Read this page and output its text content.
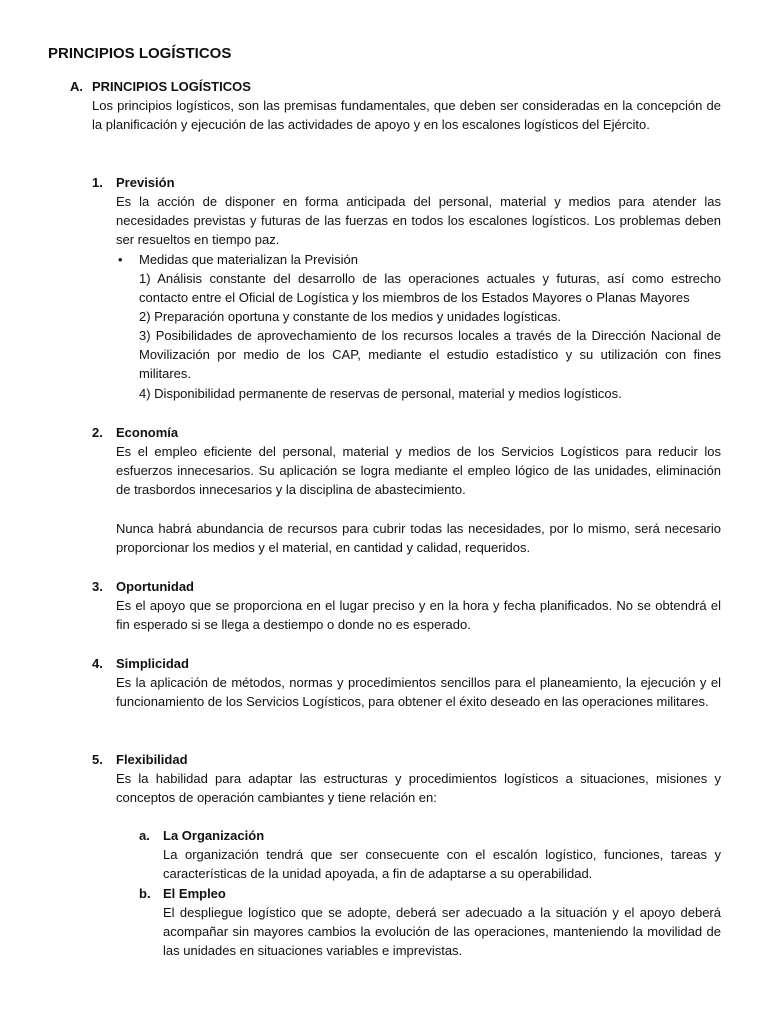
PRINCIPIOS LOGÍSTICOS
A. PRINCIPIOS LOGÍSTICOS
Los principios logísticos, son las premisas fundamentales, que deben ser consideradas en la concepción de la planificación y ejecución de las actividades de apoyo y en los escalones logísticos del Ejército.
1. Previsión
Es la acción de disponer en forma anticipada del personal, material y medios para atender las necesidades previstas y futuras de las fuerzas en todos los escalones logísticos. Los problemas deben ser resueltos en tiempo paz.
• Medidas que materializan la Previsión
1) Análisis constante del desarrollo de las operaciones actuales y futuras, así como estrecho contacto entre el Oficial de Logística y los miembros de los Estados Mayores o Planas Mayores
2) Preparación oportuna y constante de los medios y unidades logísticas.
3) Posibilidades de aprovechamiento de los recursos locales a través de la Dirección Nacional de Movilización por medio de los CAP, mediante el estudio estadístico y su utilización con fines militares.
4) Disponibilidad permanente de reservas de personal, material y medios logísticos.
2. Economía
Es el empleo eficiente del personal, material y medios de los Servicios Logísticos para reducir los esfuerzos innecesarios. Su aplicación se logra mediante el empleo lógico de las unidades, eliminación de trasbordos innecesarios y la disciplina de abastecimiento.
Nunca habrá abundancia de recursos para cubrir todas las necesidades, por lo mismo, será necesario proporcionar los medios y el material, en cantidad y calidad, requeridos.
3. Oportunidad
Es el apoyo que se proporciona en el lugar preciso y en la hora y fecha planificados. No se obtendrá el fin esperado si se llega a destiempo o donde no es esperado.
4. Simplicidad
Es la aplicación de métodos, normas y procedimientos sencillos para el planeamiento, la ejecución y el funcionamiento de los Servicios Logísticos, para obtener el éxito deseado en las operaciones militares.
5. Flexibilidad
Es la habilidad para adaptar las estructuras y procedimientos logísticos a situaciones, misiones y conceptos de operación cambiantes y tiene relación en:
a. La Organización
La organización tendrá que ser consecuente con el escalón logístico, funciones, tareas y características de la unidad apoyada, a fin de adaptarse a su operabilidad.
b. El Empleo
El despliegue logístico que se adopte, deberá ser adecuado a la situación y el apoyo deberá acompañar sin mayores cambios la evolución de las operaciones, manteniendo la movilidad de las unidades en situaciones variables e imprevistas.
